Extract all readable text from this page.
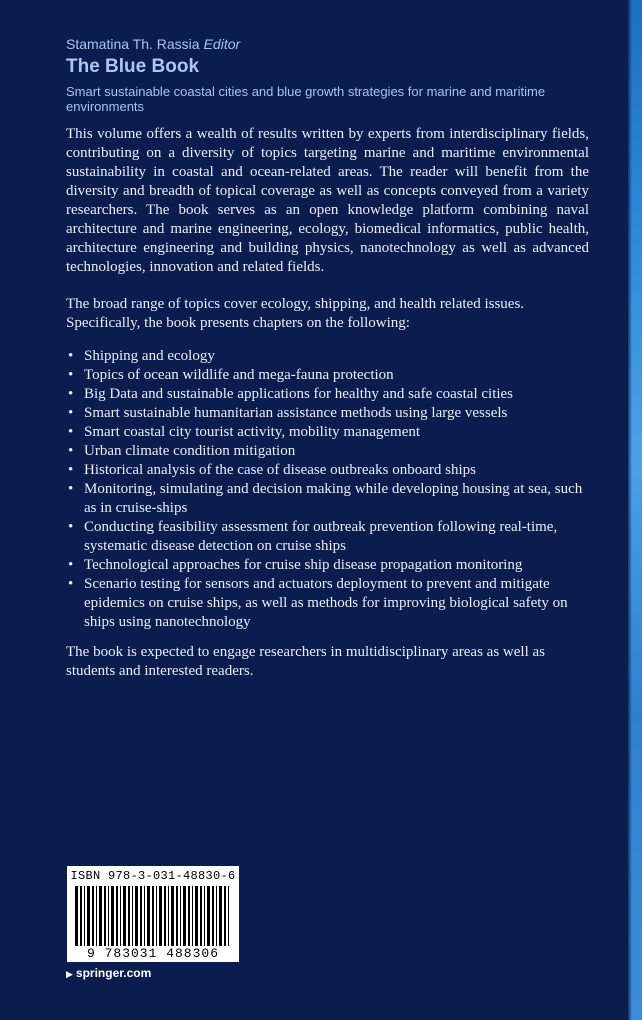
Stamatina Th. Rassia Editor
The Blue Book
Smart sustainable coastal cities and blue growth strategies for marine and maritime environments

This volume offers a wealth of results written by experts from interdisciplinary fields, contributing on a diversity of topics targeting marine and maritime environmental sustainability in coastal and ocean-related areas. The reader will benefit from the diversity and breadth of topical coverage as well as concepts conveyed from a variety researchers. The book serves as an open knowledge platform combining naval architecture and marine engineering, ecology, biomedical informatics, public health, architecture engineering and building physics, nanotechnology as well as advanced technologies, innovation and related fields.

The broad range of topics cover ecology, shipping, and health related issues. Specifically, the book presents chapters on the following:

• Shipping and ecology
• Topics of ocean wildlife and mega-fauna protection
• Big Data and sustainable applications for healthy and safe coastal cities
• Smart sustainable humanitarian assistance methods using large vessels
• Smart coastal city tourist activity, mobility management
• Urban climate condition mitigation
• Historical analysis of the case of disease outbreaks onboard ships
• Monitoring, simulating and decision making while developing housing at sea, such as in cruise-ships
• Conducting feasibility assessment for outbreak prevention following real-time, systematic disease detection on cruise ships
• Technological approaches for cruise ship disease propagation monitoring
• Scenario testing for sensors and actuators deployment to prevent and mitigate epidemics on cruise ships, as well as methods for improving biological safety on ships using nanotechnology

The book is expected to engage researchers in multidisciplinary areas as well as students and interested readers.

ISBN 978-3-031-48830-6
9 783031 488306
▶ springer.com
